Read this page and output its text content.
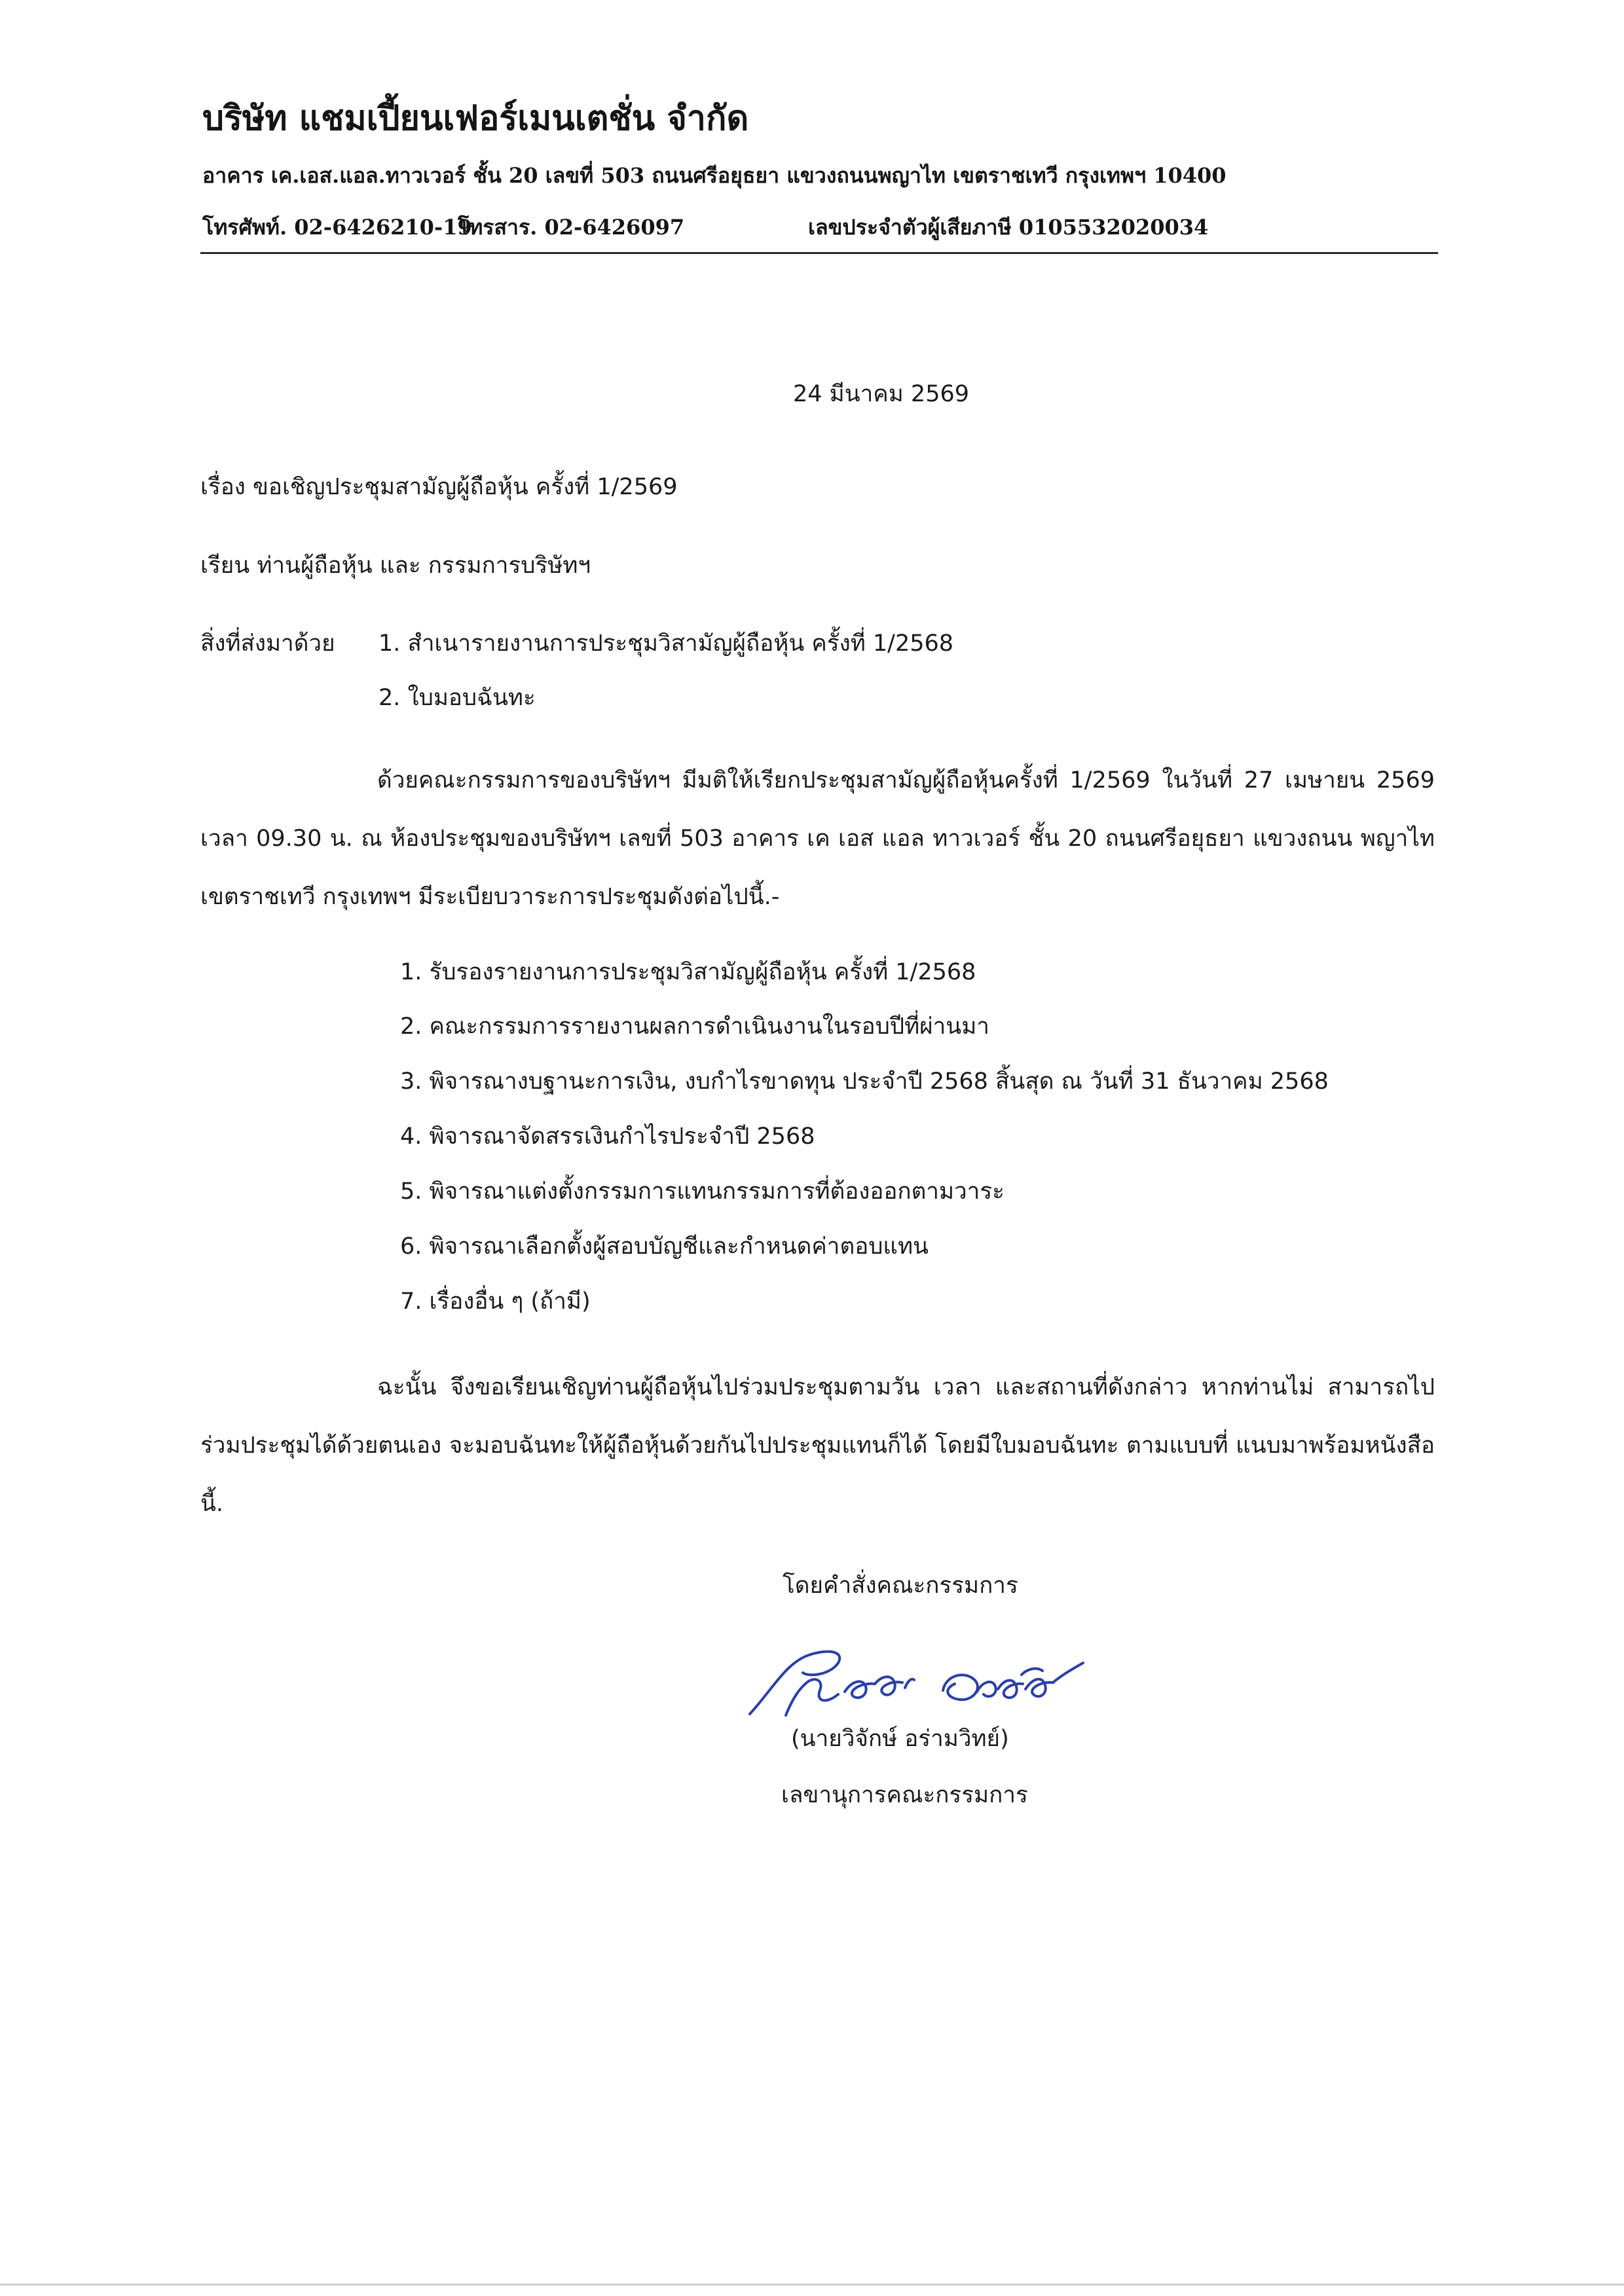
บริษัท แชมเปี้ยนเฟอร์เมนเตชั่น จำกัด
อาคาร เค.เอส.แอล.ทาวเวอร์ ชั้น 20 เลขที่ 503 ถนนศรีอยุธยา แขวงถนนพญาไท เขตราชเทวี กรุงเทพฯ 10400
โทรศัพท์. 02-6426210-19
โทรสาร. 02-6426097	เลขประจำตัวผู้เสียภาษี 0105532020034
24 มีนาคม 2569
เรื่อง ขอเชิญประชุมสามัญผู้ถือหุ้น ครั้งที่ 1/2569
เรียน ท่านผู้ถือหุ้น และ กรรมการบริษัทฯ
สิ่งที่ส่งมาด้วย 1. สำเนารายงานการประชุมวิสามัญผู้ถือหุ้น ครั้งที่ 1/2568
2. ใบมอบฉันทะ
ด้วยคณะกรรมการของบริษัทฯ มีมติให้เรียกประชุมสามัญผู้ถือหุ้นครั้งที่ 1/2569 ในวันที่ 27 เมษายน 2569 เวลา 09.30 น. ณ ห้องประชุมของบริษัทฯ เลขที่ 503 อาคาร เค เอส แอล ทาวเวอร์ ชั้น 20 ถนนศรีอยุธยา แขวงถนน พญาไท เขตราชเทวี กรุงเทพฯ มีระเบียบวาระการประชุมดังต่อไปนี้.-
1. รับรองรายงานการประชุมวิสามัญผู้ถือหุ้น ครั้งที่ 1/2568
2. คณะกรรมการรายงานผลการดำเนินงานในรอบปีที่ผ่านมา
3. พิจารณางบฐานะการเงิน, งบกำไรขาดทุน ประจำปี 2568 สิ้นสุด ณ วันที่ 31 ธันวาคม 2568
4. พิจารณาจัดสรรเงินกำไรประจำปี 2568
5. พิจารณาแต่งตั้งกรรมการแทนกรรมการที่ต้องออกตามวาระ
6. พิจารณาเลือกตั้งผู้สอบบัญชีและกำหนดค่าตอบแทน
7. เรื่องอื่น ๆ (ถ้ามี)
ฉะนั้น จึงขอเรียนเชิญท่านผู้ถือหุ้นไปร่วมประชุมตามวัน เวลา และสถานที่ดังกล่าว หากท่านไม่ สามารถไปร่วมประชุมได้ด้วยตนเอง จะมอบฉันทะให้ผู้ถือหุ้นด้วยกันไปประชุมแทนก็ได้ โดยมีใบมอบฉันทะ ตามแบบที่ แนบมาพร้อมหนังสือนี้.
โดยคำสั่งคณะกรรมการ
(นายวิจักษ์ อร่ามวิทย์)
เลขานุการคณะกรรมการ
